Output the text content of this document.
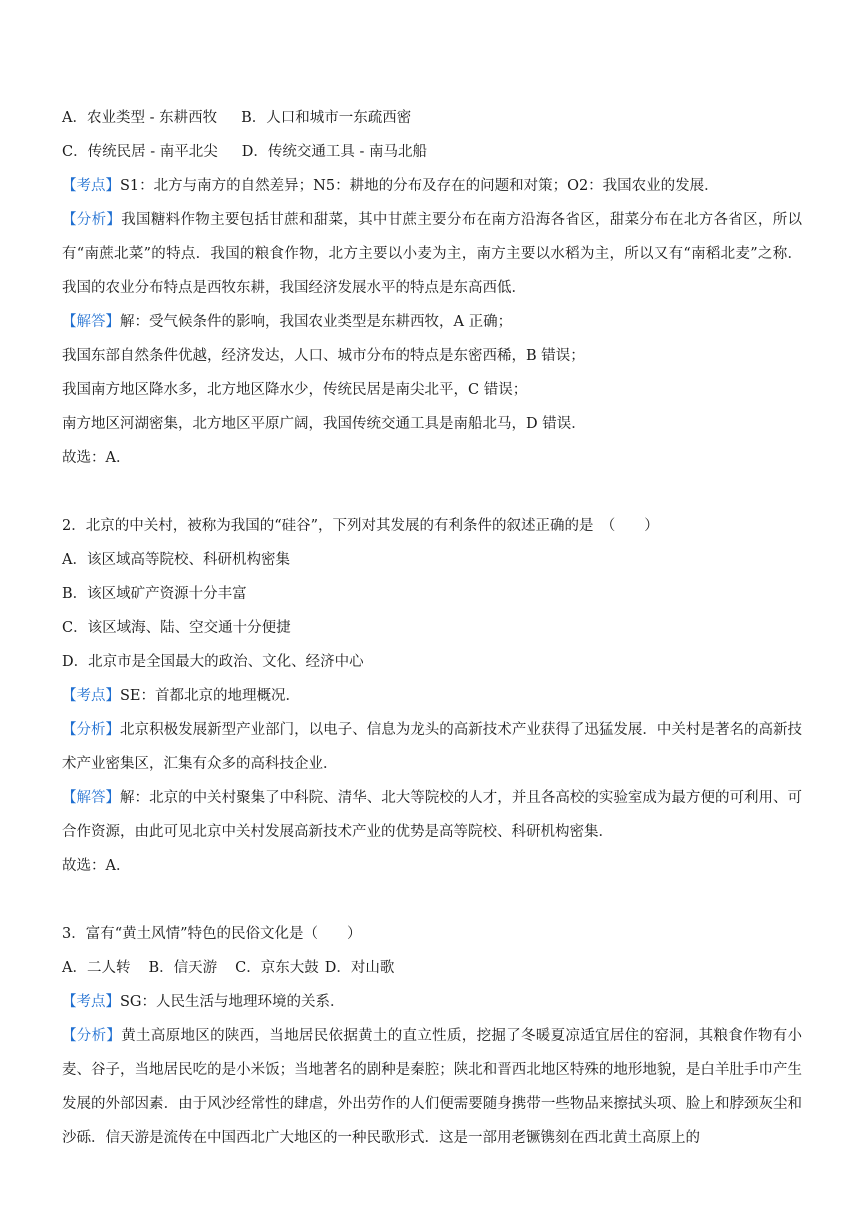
A．农业类型 - 东耕西牧 B．人口和城市一东疏西密
C．传统民居 - 南平北尖 D．传统交通工具 - 南马北船
【考点】S1：北方与南方的自然差异；N5：耕地的分布及存在的问题和对策；O2：我国农业的发展．
【分析】我国糖料作物主要包括甘蔗和甜菜，其中甘蔗主要分布在南方沿海各省区，甜菜分布在北方各省区，所以有“南蔗北菜”的特点．我国的粮食作物，北方主要以小麦为主，南方主要以水稻为主，所以又有“南稻北麦”之称．我国的农业分布特点是西牧东耕，我国经济发展水平的特点是东高西低．
【解答】解：受气候条件的影响，我国农业类型是东耕西牧，A 正确；
我国东部自然条件优越，经济发达，人口、城市分布的特点是东密西稀，B 错误；
我国南方地区降水多，北方地区降水少，传统民居是南尖北平，C 错误；
南方地区河湖密集，北方地区平原广阔，我国传统交通工具是南船北马，D 错误．
故选：A．
2．北京的中关村，被称为我国的“硅谷”，下列对其发展的有利条件的叙述正确的是　（　　）
A．该区域高等院校、科研机构密集
B．该区域矿产资源十分丰富
C．该区域海、陆、空交通十分便捷
D．北京市是全国最大的政治、文化、经济中心
【考点】SE：首都北京的地理概况．
【分析】北京积极发展新型产业部门，以电子、信息为龙头的高新技术产业获得了迅猛发展．中关村是著名的高新技术产业密集区，汇集有众多的高科技企业．
【解答】解：北京的中关村聚集了中科院、清华、北大等院校的人才，并且各高校的实验室成为最方便的可利用、可合作资源，由此可见北京中关村发展高新技术产业的优势是高等院校、科研机构密集．
故选：A．
3．富有“黄土风情”特色的民俗文化是（　　）
A．二人转 B．信天游 C．京东大鼓 D．对山歌
【考点】SG：人民生活与地理环境的关系．
【分析】黄土高原地区的陕西，当地居民依据黄土的直立性质，挖掘了冬暖夏凉适宜居住的窑洞，其粮食作物有小麦、谷子，当地居民吃的是小米饭；当地著名的剧种是秦腔；陕北和晋西北地区特殊的地形地貌，是白羊肚手巾产生发展的外部因素．由于风沙经常性的肆虐，外出劳作的人们便需要随身携带一些物品来擦拭头项、脸上和脖颈灰尘和沙砾．信天游是流传在中国西北广大地区的一种民歌形式．这是一部用老镢镌刻在西北黄土高原上的
